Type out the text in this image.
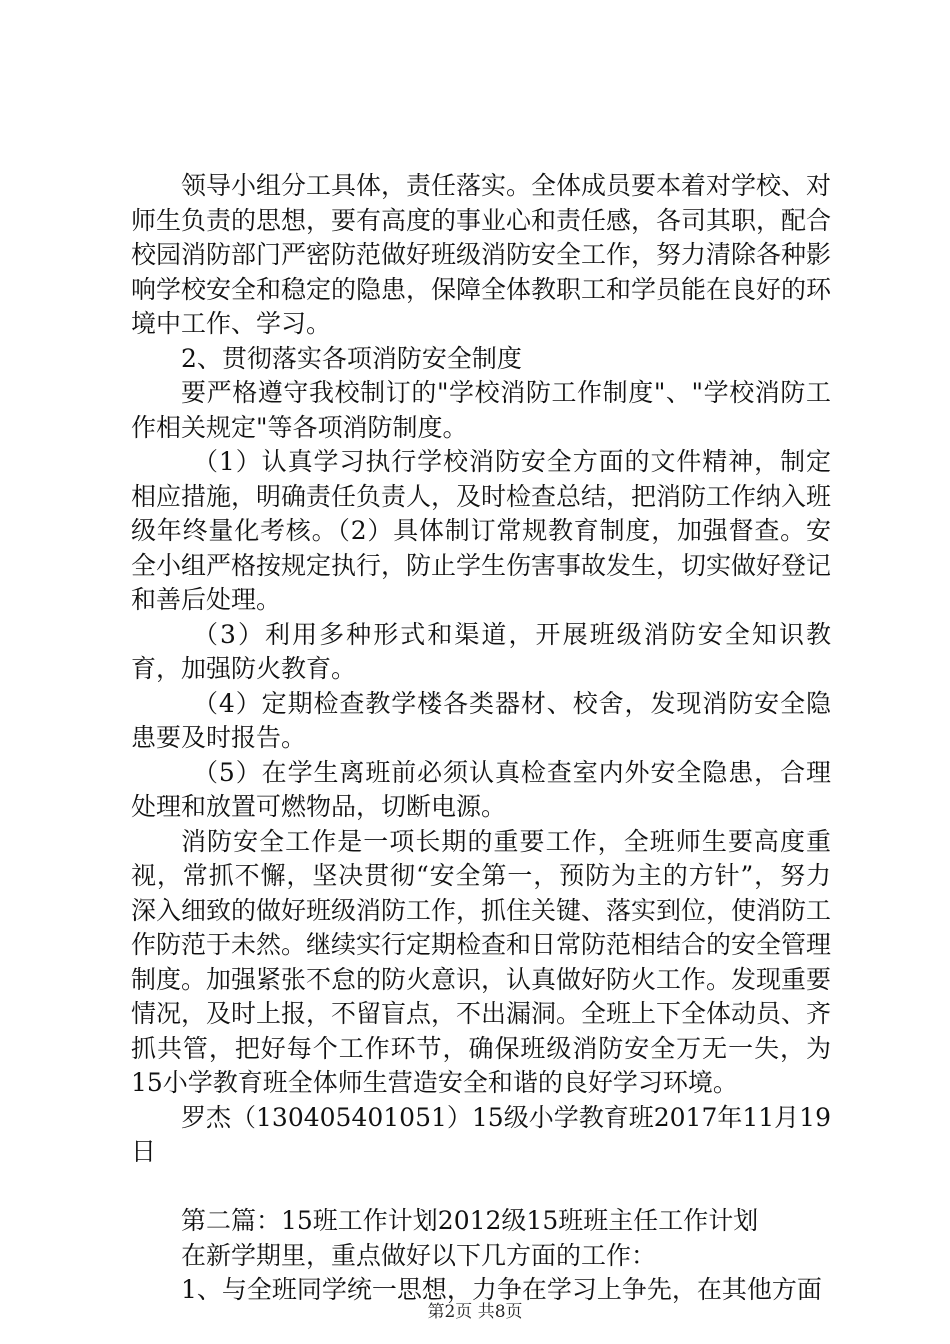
领导小组分工具体，责任落实。全体成员要本着对学校、对师生负责的思想，要有高度的事业心和责任感，各司其职，配合校园消防部门严密防范做好班级消防安全工作，努力清除各种影响学校安全和稳定的隐患，保障全体教职工和学员能在良好的环境中工作、学习。

2、贯彻落实各项消防安全制度

要严格遵守我校制订的"学校消防工作制度"、"学校消防工作相关规定"等各项消防制度。

（1）认真学习执行学校消防安全方面的文件精神，制定相应措施，明确责任负责人，及时检查总结，把消防工作纳入班级年终量化考核。（2）具体制订常规教育制度，加强督查。安全小组严格按规定执行，防止学生伤害事故发生，切实做好登记和善后处理。

（3）利用多种形式和渠道，开展班级消防安全知识教育，加强防火教育。

（4）定期检查教学楼各类器材、校舍，发现消防安全隐患要及时报告。

（5）在学生离班前必须认真检查室内外安全隐患，合理处理和放置可燃物品，切断电源。

消防安全工作是一项长期的重要工作，全班师生要高度重视，常抓不懈，坚决贯彻“安全第一，预防为主的方针”，努力深入细致的做好班级消防工作，抓住关键、落实到位，使消防工作防范于未然。继续实行定期检查和日常防范相结合的安全管理制度。加强紧张不怠的防火意识，认真做好防火工作。发现重要情况，及时上报，不留盲点，不出漏洞。全班上下全体动员、齐抓共管，把好每个工作环节，确保班级消防安全万无一失，为15小学教育班全体师生营造安全和谐的良好学习环境。

罗杰（130405401051）15级小学教育班2017年11月19日

第二篇：15班工作计划2012级15班班主任工作计划

在新学期里，重点做好以下几方面的工作：

1、与全班同学统一思想，力争在学习上争先，在其他方面

第2页 共8页
